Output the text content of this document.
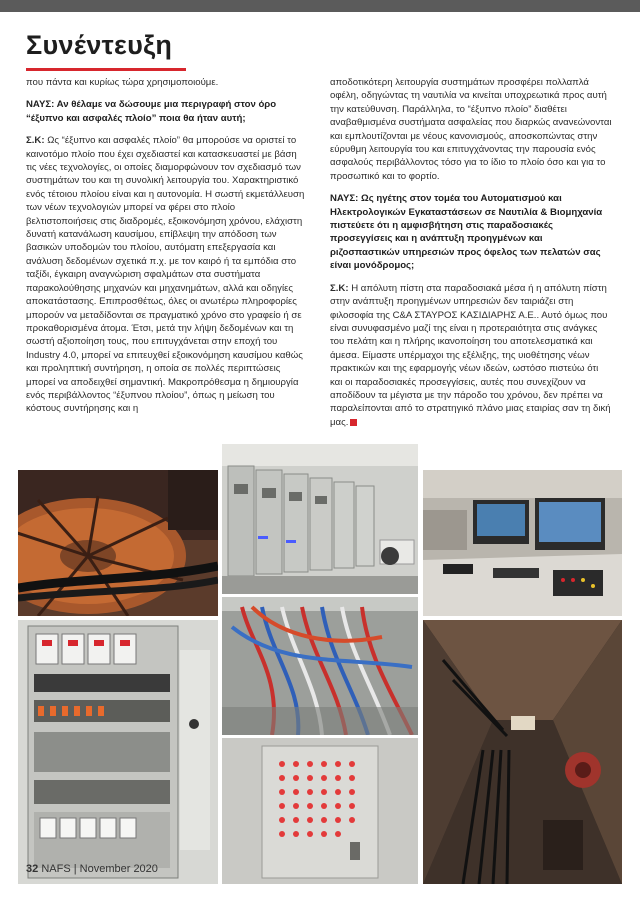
Συνέντευξη

που πάντα και κυρίως τώρα χρησιμοποιούμε.

ΝΑΥΣ: Αν θέλαμε να δώσουμε μια περιγραφή στον όρο “έξυπνο και ασφαλές πλοίο” ποια θα ήταν αυτή;

Σ.Κ: Ως “έξυπνο και ασφαλές πλοίο” θα μπορούσε να οριστεί το καινοτόμο πλοίο που έχει σχεδιαστεί και κατασκευαστεί με βάση τις νέες τεχνολογίες, οι οποίες διαμορφώνουν τον σχεδιασμό των συστημάτων του και τη συνολική λειτουργία του. Χαρακτηριστικό ενός τέτοιου πλοίου είναι και η αυτονομία. Η σωστή εκμετάλλευση των νέων τεχνολογιών μπορεί να φέρει στο πλοίο βελτιστοποιήσεις στις διαδρομές, εξοικονόμηση χρόνου, ελάχιστη δυνατή κατανάλωση καυσίμου, επίβλεψη την απόδοση των βασικών υποδομών του πλοίου, αυτόματη επεξεργασία και ανάλυση δεδομένων σχετικά π.χ. με τον καιρό ή τα εμπόδια στο ταξίδι, έγκαιρη αναγνώριση σφαλμάτων στα συστήματα παρακολούθησης μηχανών και μηχανημάτων, αλλά και οδηγίες αποκατάστασης. Επιπροσθέτως, όλες οι ανωτέρω πληροφορίες μπορούν να μεταδίδονται σε πραγματικό χρόνο στο γραφείο ή σε προκαθορισμένα άτομα. Έτσι, μετά την λήψη δεδομένων και τη σωστή αξιοποίηση τους, που επιτυγχάνεται στην εποχή του Industry 4.0, μπορεί να επιτευχθεί εξοικονόμηση καυσίμου καθώς και προληπτική συντήρηση, η οποία σε πολλές περιπτώσεις μπορεί να αποδειχθεί σημαντική. Μακροπρόθεσμα η δημιουργία ενός περιβάλλοντος “έξυπνου πλοίου”, όπως η μείωση του κόστους συντήρησης και η

αποδοτικότερη λειτουργία συστημάτων προσφέρει πολλαπλά οφέλη, οδηγώντας τη ναυτιλία να κινείται υποχρεωτικά προς αυτή την κατεύθυνση. Παράλληλα, το “έξυπνο πλοίο” διαθέτει αναβαθμισμένα συστήματα ασφαλείας που διαρκώς ανανεώνονται και εμπλουτίζονται με νέους κανονισμούς, αποσκοπώντας στην εύρυθμη λειτουργία του και επιτυγχάνοντας την παρουσία ενός ασφαλούς περιβάλλοντος τόσο για το ίδιο το πλοίο όσο και για το προσωπικό και το φορτίο.

ΝΑΥΣ: Ως ηγέτης στον τομέα του Αυτοματισμού και Ηλεκτρολογικών Εγκαταστάσεων σε Ναυτιλία & Βιομηχανία πιστεύετε ότι η αμφισβήτηση στις παραδοσιακές προσεγγίσεις και η ανάπτυξη προηγμένων και ριζοσπαστικών υπηρεσιών προς όφελος των πελατών σας είναι μονόδρομος;

Σ.Κ: Η απόλυτη πίστη στα παραδοσιακά μέσα ή η απόλυτη πίστη στην ανάπτυξη προηγμένων υπηρεσιών δεν ταιριάζει στη φιλοσοφία της C&A ΣΤΑΥΡΟΣ ΚΑΣΙΔΙΑΡΗΣ Α.Ε.. Αυτό όμως που είναι συνυφασμένο μαζί της είναι η προτεραιότητα στις ανάγκες του πελάτη και η πλήρης ικανοποίηση του αποτελεσματικά και άμεσα. Είμαστε υπέρμαχοι της εξέλιξης, της υιοθέτησης νέων πρακτικών και της εφαρμογής νέων ιδεών, ωστόσο πιστεύω ότι και οι παραδοσιακές προσεγγίσεις, αυτές που συνεχίζουν να αποδίδουν τα μέγιστα με την πάροδο του χρόνου, δεν πρέπει να παραλείπονται από το στρατηγικό πλάνο μιας εταιρίας σαν τη δική μας.

32 NAFS | November 2020
